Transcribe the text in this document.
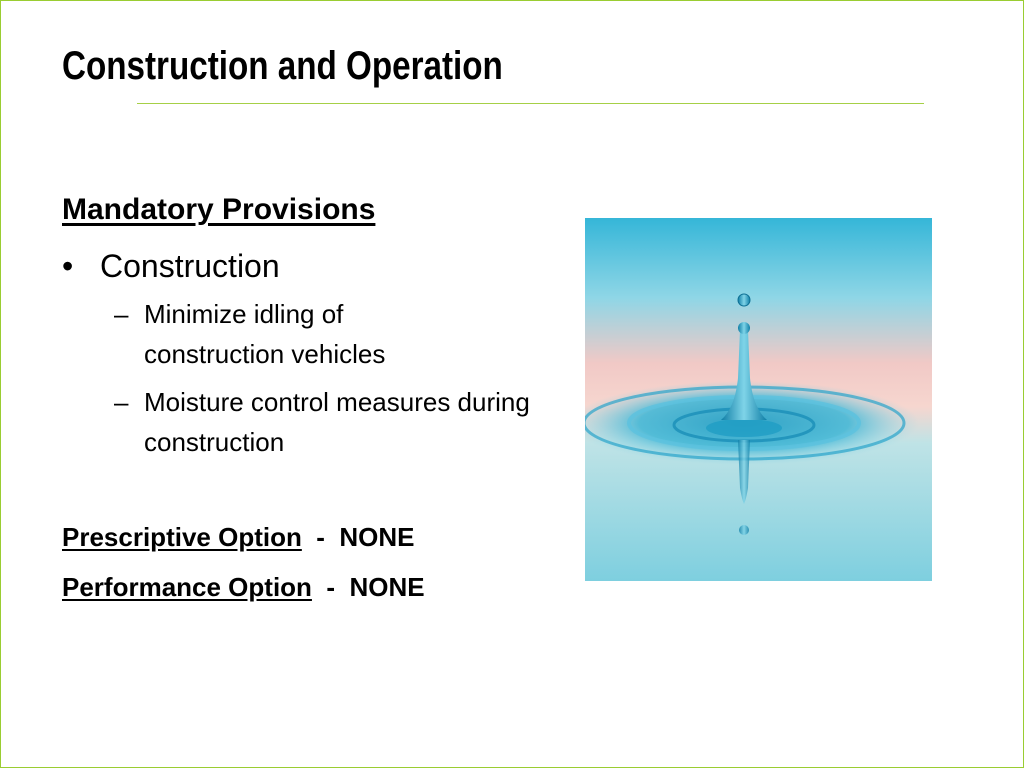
Construction and Operation

Mandatory Provisions

• Construction
– Minimize idling of construction vehicles
– Moisture control measures during construction

Prescriptive Option  -  NONE

Performance Option  -  NONE
